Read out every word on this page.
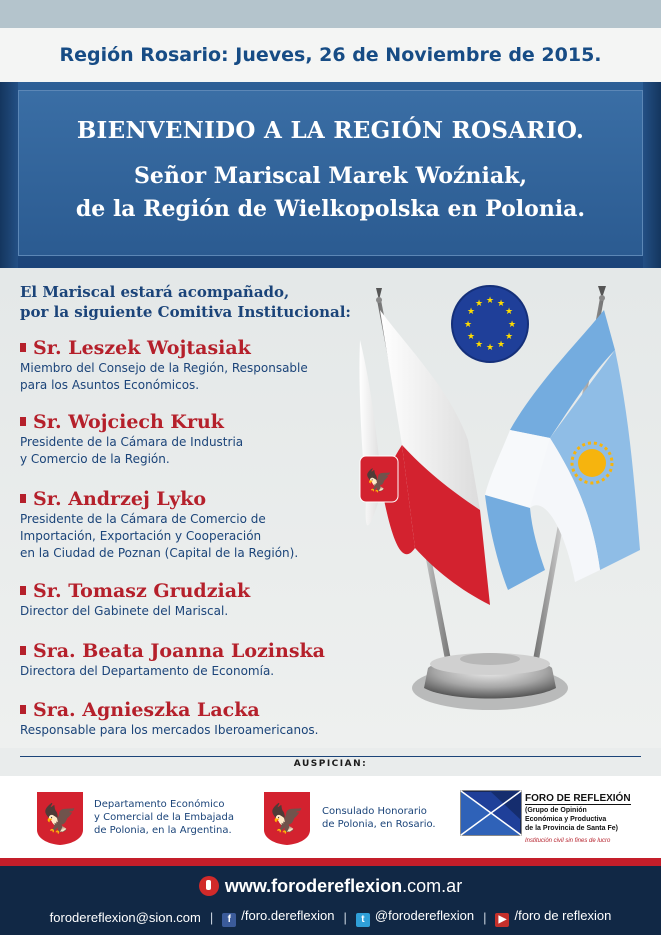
Región Rosario: Jueves, 26 de Noviembre de 2015.
BIENVENIDO A LA REGIÓN ROSARIO.
Señor Mariscal Marek Woźniak,
de la Región de Wielkopolska en Polonia.
El Mariscal estará acompañado,
por la siguiente Comitiva Institucional:
Sr. Leszek Wojtasiak
Miembro del Consejo de la Región, Responsable
para los Asuntos Económicos.
Sr. Wojciech Kruk
Presidente de la Cámara de Industria
y Comercio de la Región.
Sr. Andrzej Lyko
Presidente de la Cámara de Comercio de
Importación, Exportación y Cooperación
en la Ciudad de Poznan (Capital de la Región).
Sr. Tomasz Grudziak
Director del Gabinete del Mariscal.
Sra. Beata Joanna Lozinska
Directora del Departamento de Economía.
Sra. Agnieszka Lacka
Responsable para los mercados Iberoamericanos.
★ ★
★
★
★
★
★
★
★
★
★
★
🦅
AUSPICIAN:
🦅 Departamento Económico
y Comercial de la Embajada
de Polonia, en la Argentina. 🦅 Consulado Honorario
de Polonia, en Rosario.
FORO DE REFLEXIÓN
(Grupo de Opinión
Económica y Productiva
de la Provincia de Santa Fe)
Institución civil sin fines de lucro
www.forodereflexion.com.ar
forodereflexion@sion.com |	f /foro.dereflexion |	t @forodereflexion |	▶ /foro de reflexion
